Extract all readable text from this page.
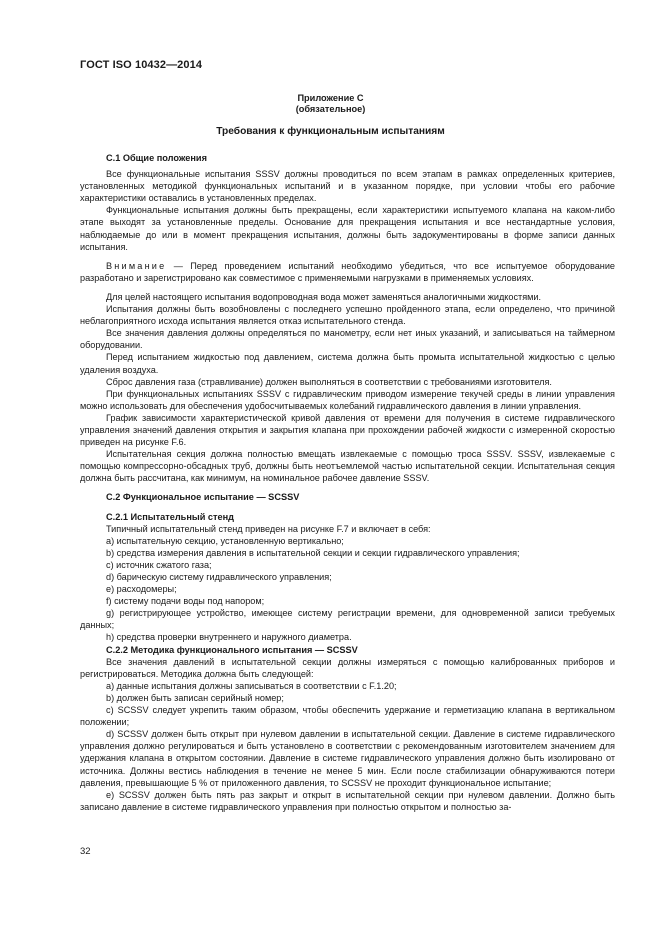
ГОСТ ISO 10432—2014
Приложение С
(обязательное)
Требования к функциональным испытаниям

С.1 Общие положения

Все функциональные испытания SSSV должны проводиться по всем этапам в рамках определенных критериев, установленных методикой функциональных испытаний и в указанном порядке, при условии чтобы его рабочие характеристики оставались в установленных пределах.

Функциональные испытания должны быть прекращены, если характеристики испытуемого клапана на каком-либо этапе выходят за установленные пределы. Основание для прекращения испытания и все нестандартные условия, наблюдаемые до или в момент прекращения испытания, должны быть задокументированы в форме записи данных испытания.

Внимание — Перед проведением испытаний необходимо убедиться, что все испытуемое оборудование разработано и зарегистрировано как совместимое с применяемыми нагрузками в применяемых условиях.

Для целей настоящего испытания водопроводная вода может заменяться аналогичными жидкостями.

Испытания должны быть возобновлены с последнего успешно пройденного этапа, если определено, что причиной неблагоприятного исхода испытания является отказ испытательного стенда.

Все значения давления должны определяться по манометру, если нет иных указаний, и записываться на таймерном оборудовании.

Перед испытанием жидкостью под давлением, система должна быть промыта испытательной жидкостью с целью удаления воздуха.

Сброс давления газа (стравливание) должен выполняться в соответствии с требованиями изготовителя.

При функциональных испытаниях SSSV с гидравлическим приводом измерение текучей среды в линии управления можно использовать для обеспечения удобосчитываемых колебаний гидравлического давления в линии управления.

График зависимости характеристической кривой давления от времени для получения в системе гидравлического управления значений давления открытия и закрытия клапана при прохождении рабочей жидкости с измеренной скоростью приведен на рисунке F.6.

Испытательная секция должна полностью вмещать извлекаемые с помощью троса SSSV. SSSV, извлекаемые с помощью компрессорно-обсадных труб, должны быть неотъемлемой частью испытательной секции. Испытательная секция должна быть рассчитана, как минимум, на номинальное рабочее давление SSSV.

С.2 Функциональное испытание — SCSSV

С.2.1 Испытательный стенд

Типичный испытательный стенд приведен на рисунке F.7 и включает в себя:

a) испытательную секцию, установленную вертикально;

b) средства измерения давления в испытательной секции и секции гидравлического управления;

c) источник сжатого газа;

d) барическую систему гидравлического управления;

e) расходомеры;

f) систему подачи воды под напором;

g) регистрирующее устройство, имеющее систему регистрации времени, для одновременной записи требуемых данных;

h) средства проверки внутреннего и наружного диаметра.

С.2.2 Методика функционального испытания — SCSSV

Все значения давлений в испытательной секции должны измеряться с помощью калиброванных приборов и регистрироваться. Методика должна быть следующей:

a) данные испытания должны записываться в соответствии с F.1.20;

b) должен быть записан серийный номер;

c) SCSSV следует укрепить таким образом, чтобы обеспечить удержание и герметизацию клапана в вертикальном положении;

d) SCSSV должен быть открыт при нулевом давлении в испытательной секции. Давление в системе гидравлического управления должно регулироваться и быть установлено в соответствии с рекомендованным изготовителем значением для удержания клапана в открытом состоянии. Давление в системе гидравлического управления должно быть изолировано от источника. Должны вестись наблюдения в течение не менее 5 мин. Если после стабилизации обнаруживаются потери давления, превышающие 5 % от приложенного давления, то SCSSV не проходит функциональное испытание;

e) SCSSV должен быть пять раз закрыт и открыт в испытательной секции при нулевом давлении. Должно быть записано давление в системе гидравлического управления при полностью открытом и полностью за-

32
